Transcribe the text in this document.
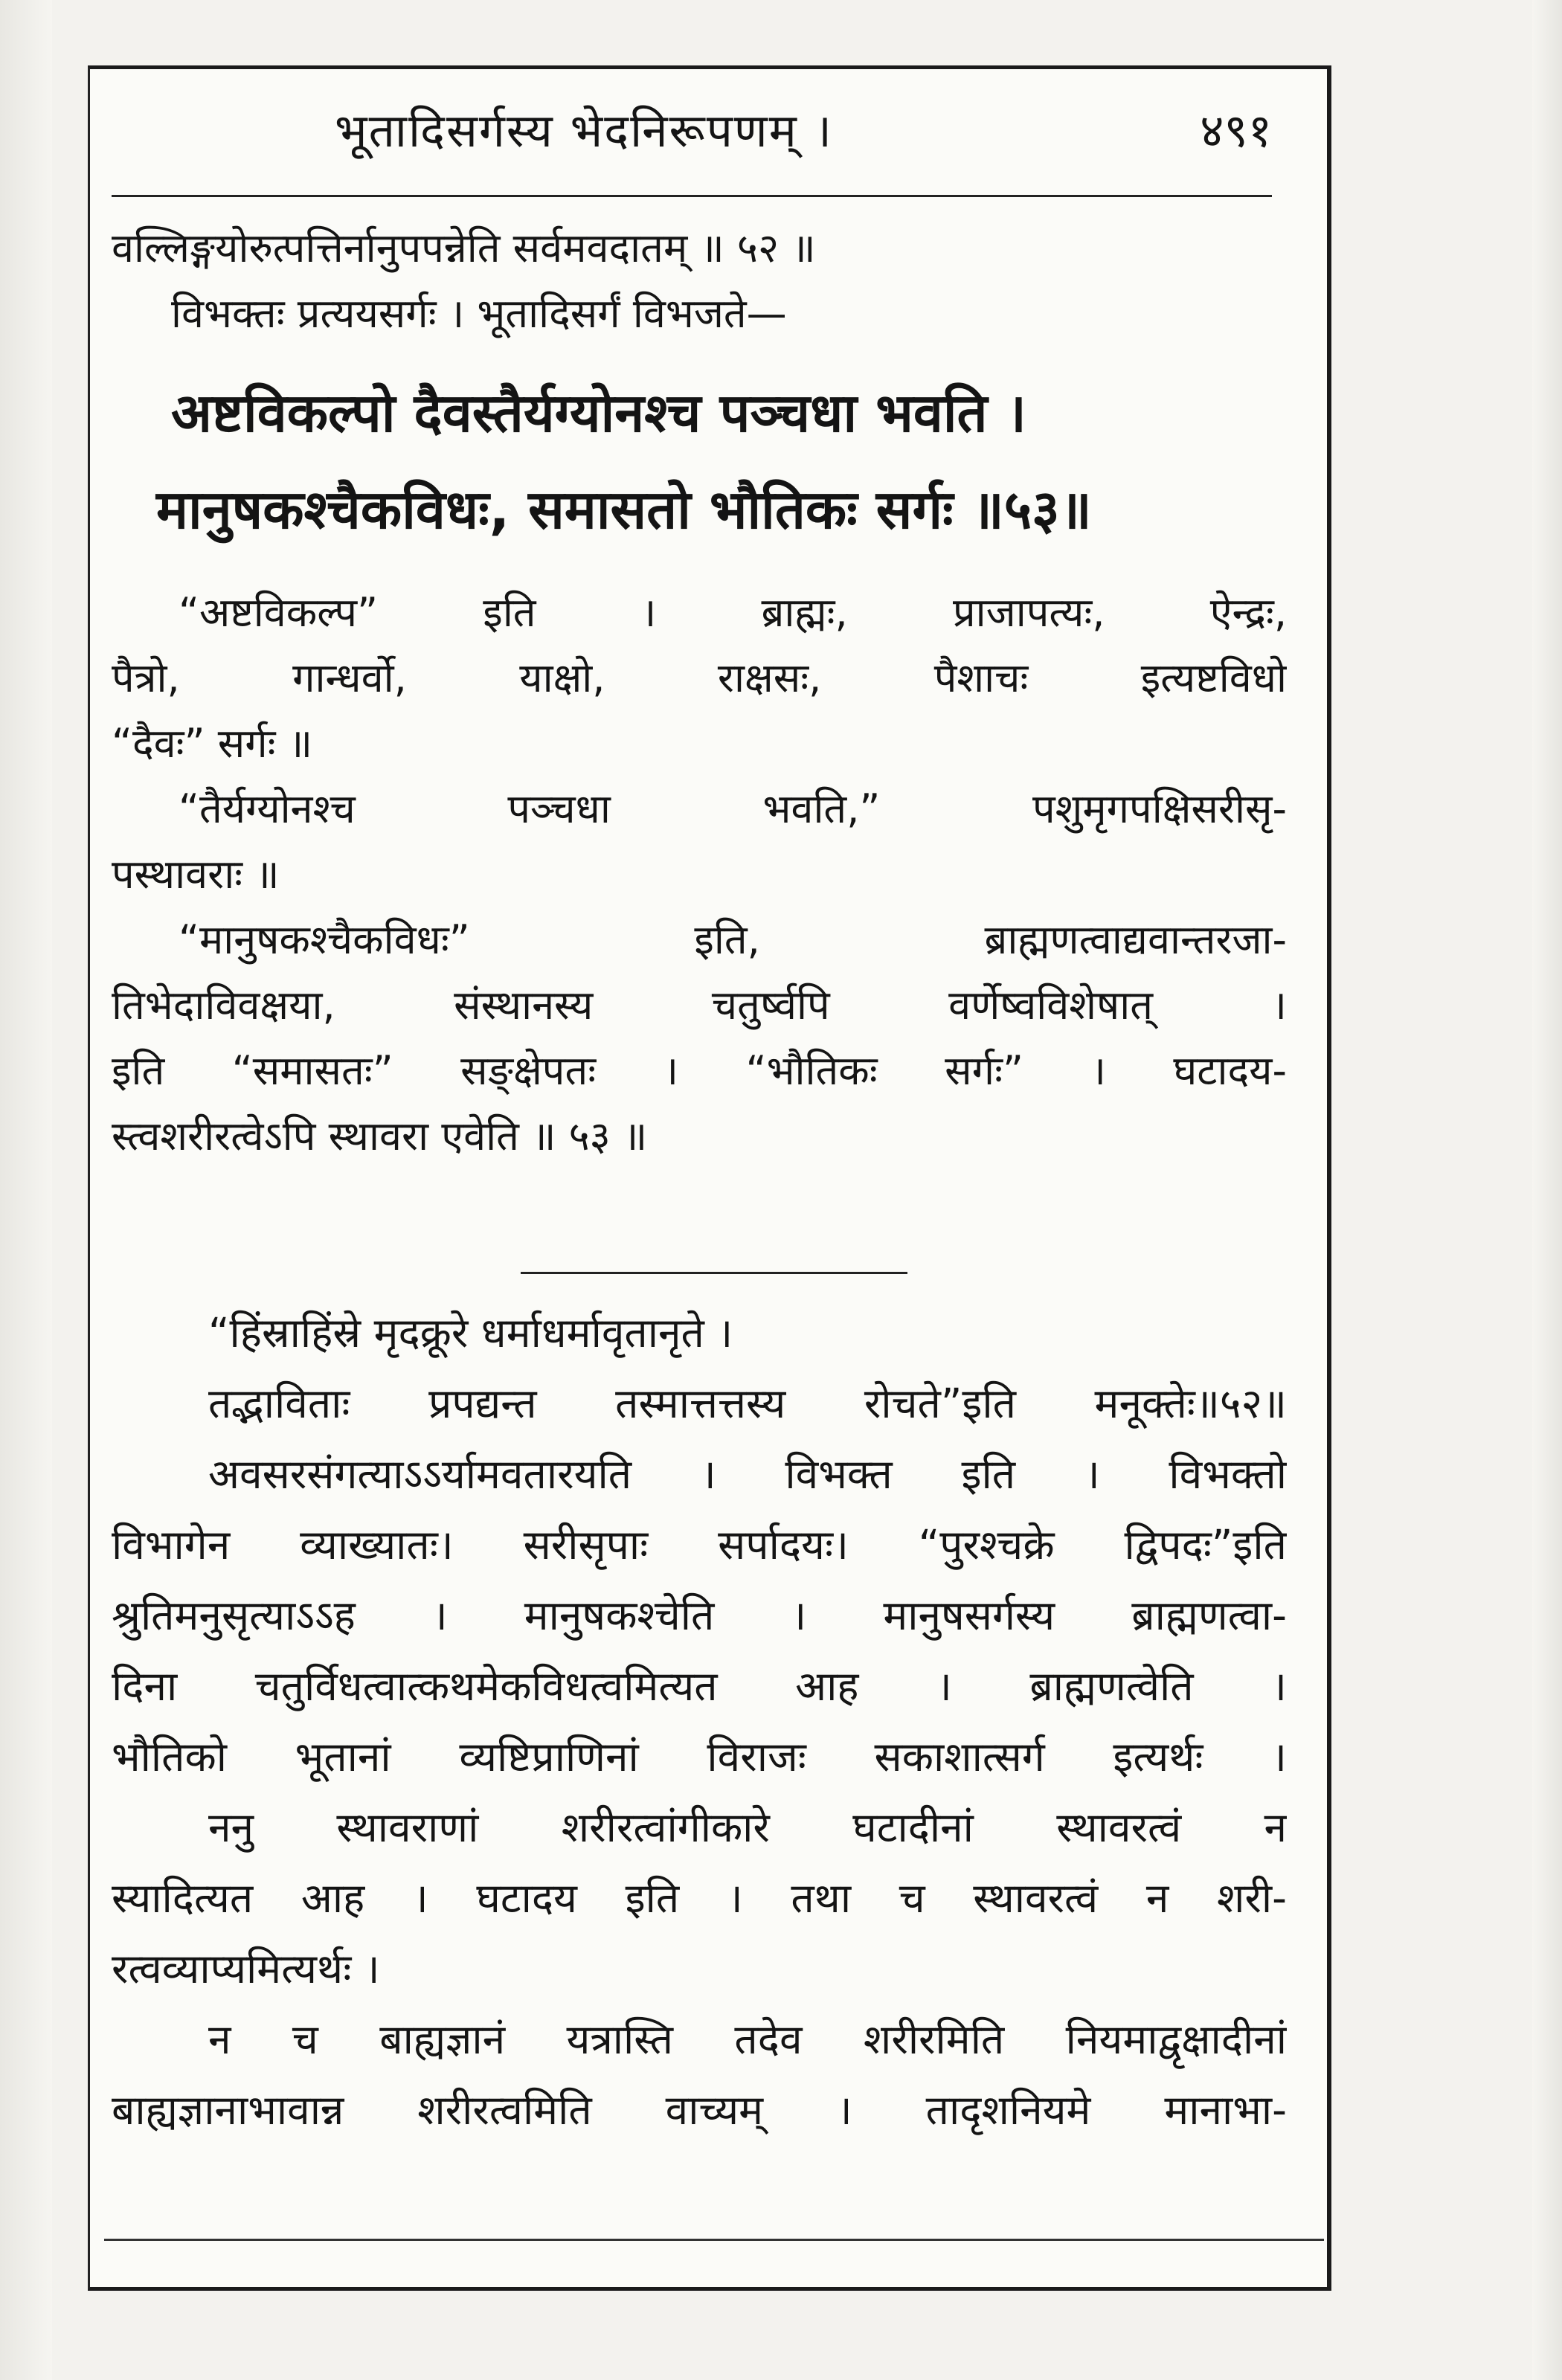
भूतादिसर्गस्य भेदनिरूपणम् ।	४९१
वल्लिङ्गयोरुत्पत्तिर्नानुपपन्नेति सर्वमवदातम् ॥ ५२ ॥
विभक्तः प्रत्ययसर्गः । भूतादिसर्गं विभजते—
अष्टविकल्पो दैवस्तैर्यग्योनश्च पञ्चधा भवति ।
मानुषकश्चैकविधः, समासतो भौतिकः सर्गः ॥५३॥
“अष्टविकल्प” इति । ब्राह्मः, प्राजापत्यः, ऐन्द्रः,
पैत्रो, गान्धर्वो, याक्षो, राक्षसः, पैशाचः इत्यष्टविधो
“दैवः” सर्गः ॥
“तैर्यग्योनश्च पञ्चधा भवति,” पशुमृगपक्षिसरीसृ-
पस्थावराः ॥
“मानुषकश्चैकविधः” इति, ब्राह्मणत्वाद्यवान्तरजा-
तिभेदाविवक्षया, संस्थानस्य चतुर्ष्वपि वर्णेष्वविशेषात् ।
इति “समासतः” सङ्क्षेपतः । “भौतिकः सर्गः” । घटादय-
स्त्वशरीरत्वेऽपि स्थावरा एवेति ॥ ५३ ॥
“हिंस्राहिंस्रे मृदक्रूरे धर्माधर्मावृतानृते ।
तद्भाविताः प्रपद्यन्त तस्मात्तत्तस्य रोचते”इति मनूक्तेः॥५२॥
अवसरसंगत्याऽऽर्यामवतारयति । विभक्त इति । विभक्तो
विभागेन व्याख्यातः। सरीसृपाः सर्पादयः। “पुरश्चक्रे द्विपदः”इति
श्रुतिमनुसृत्याऽऽह । मानुषकश्चेति । मानुषसर्गस्य ब्राह्मणत्वा-
दिना चतुर्विधत्वात्कथमेकविधत्वमित्यत आह । ब्राह्मणत्वेति ।
भौतिको भूतानां व्यष्टिप्राणिनां विराजः सकाशात्सर्ग इत्यर्थः ।
ननु स्थावराणां शरीरत्वांगीकारे घटादीनां स्थावरत्वं न
स्यादित्यत आह । घटादय इति । तथा च स्थावरत्वं न शरी-
रत्वव्याप्यमित्यर्थः ।
न च बाह्यज्ञानं यत्रास्ति तदेव शरीरमिति नियमाद्वृक्षादीनां
बाह्यज्ञानाभावान्न शरीरत्वमिति वाच्यम् । तादृशनियमे मानाभा-
